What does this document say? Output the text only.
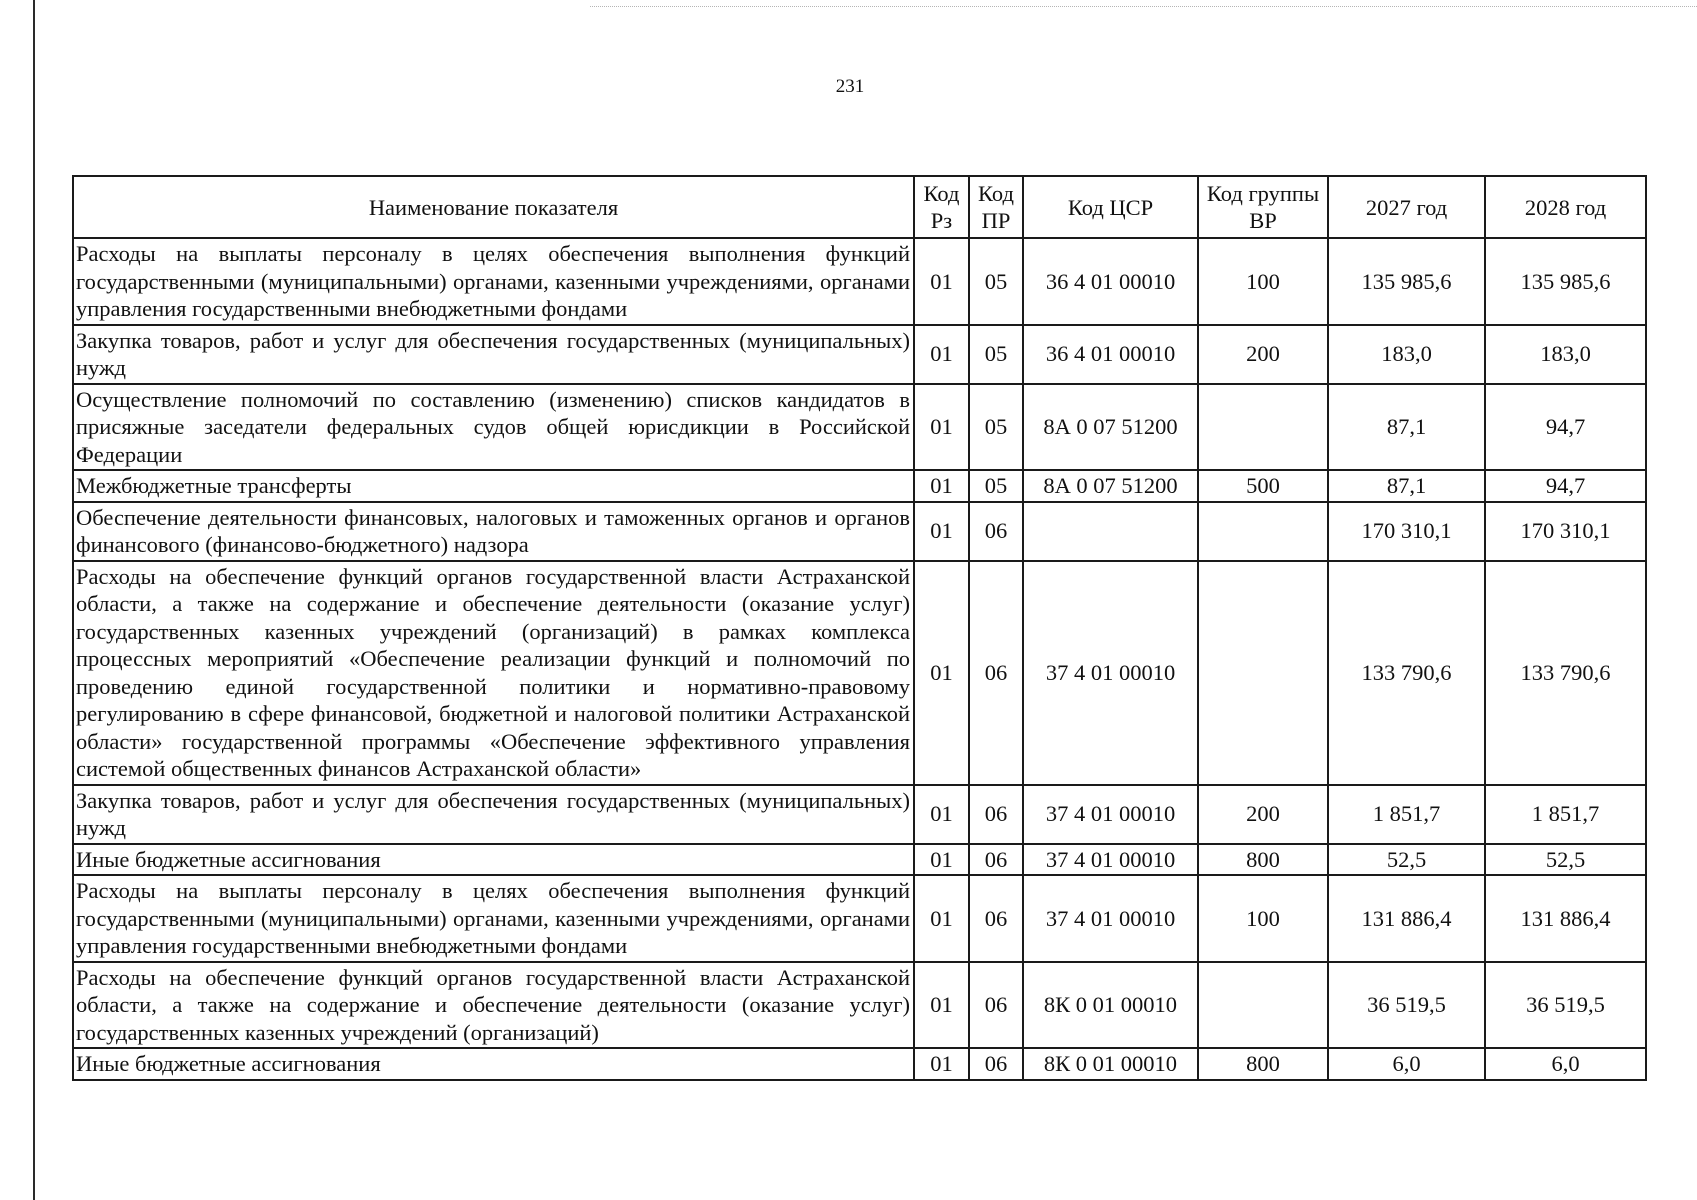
231
Наименование показателя	Код Рз	Код ПР	Код ЦСР	Код группы ВР	2027 год	2028 год
Расходы на выплаты персоналу в целях обеспечения выполнения функций государственными (муниципальными) органами, казенными учреждениями, органами управления государственными внебюджетными фондами	01	05	36 4 01 00010	100	135 985,6	135 985,6
Закупка товаров, работ и услуг для обеспечения государственных (муниципальных) нужд	01	05	36 4 01 00010	200	183,0	183,0
Осуществление полномочий по составлению (изменению) списков кандидатов в присяжные заседатели федеральных судов общей юрисдикции в Российской Федерации	01	05	8А 0 07 51200		87,1	94,7
Межбюджетные трансферты	01	05	8А 0 07 51200	500	87,1	94,7
Обеспечение деятельности финансовых, налоговых и таможенных органов и органов финансового (финансово-бюджетного) надзора	01	06			170 310,1	170 310,1
Расходы на обеспечение функций органов государственной власти Астраханской области, а также на содержание и обеспечение деятельности (оказание услуг) государственных казенных учреждений (организаций) в рамках комплекса процессных мероприятий «Обеспечение реализации функций и полномочий по проведению единой государственной политики и нормативно-правовому регулированию в сфере финансовой, бюджетной и налоговой политики Астраханской области» государственной программы «Обеспечение эффективного управления системой общественных финансов Астраханской области»	01	06	37 4 01 00010		133 790,6	133 790,6
Закупка товаров, работ и услуг для обеспечения государственных (муниципальных) нужд	01	06	37 4 01 00010	200	1 851,7	1 851,7
Иные бюджетные ассигнования	01	06	37 4 01 00010	800	52,5	52,5
Расходы на выплаты персоналу в целях обеспечения выполнения функций государственными (муниципальными) органами, казенными учреждениями, органами управления государственными внебюджетными фондами	01	06	37 4 01 00010	100	131 886,4	131 886,4
Расходы на обеспечение функций органов государственной власти Астраханской области, а также на содержание и обеспечение деятельности (оказание услуг) государственных казенных учреждений (организаций)	01	06	8К 0 01 00010		36 519,5	36 519,5
Иные бюджетные ассигнования	01	06	8К 0 01 00010	800	6,0	6,0
